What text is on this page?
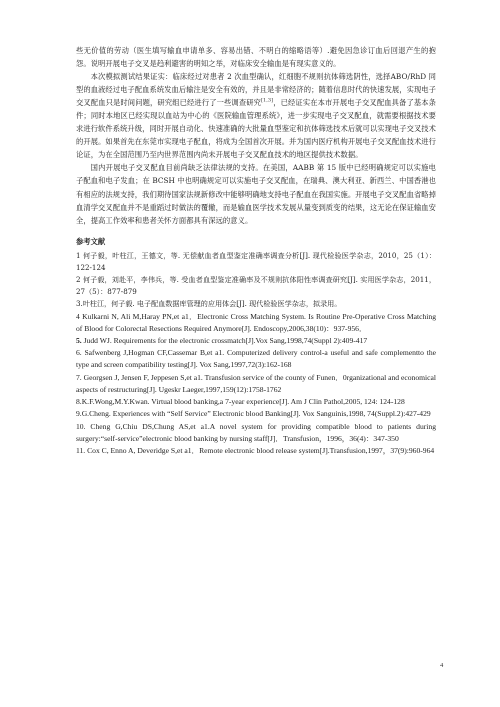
些无价值的劳动（医生填写输血申请单多、容易出错、不明白的缩略语等）.避免因急诊订血后回退产生的抱怨。说明开展电子交叉是趋利避害的明知之举，对临床安全输血是有现实意义的。

本次模拟测试结果证实：临床经过对患者 2 次血型确认，红细胞不规则抗体筛选阴性，选择ABO/RhD 同型的血液经过电子配血系统发血后输注是安全有效的，并且是非常经济的；随着信息时代的快速发展，实现电子交叉配血只是时间问题，研究组已经进行了一些调查研究[1,3]，已经证实在本市开展电子交叉配血具备了基本条件；同时本地区已经实现以血站为中心的《医院输血管理系统》，进一步实现电子交叉配血，就需要根据技术要求进行软件系统升级，同时开展自动化、快速准确的大批量血型鉴定和抗体筛选技术后就可以实现电子交叉技术的开展。如果首先在东莞市实现电子配血，将成为全国首次开展。并为国内医疗机构开展电子交叉配血技术进行论证，为在全国范围乃至内世界范围内尚未开展电子交叉配血技术的地区提供技术数据。

国内开展电子交叉配血目前尚缺乏法律法规的支持。在美国，AABB 第 15 版中已经明确规定可以实施电子配血和电子发血；在 BCSH 中也明确规定可以实施电子交叉配血，在瑞典、澳大利亚、新西兰、中国香港也有相应的法规支持，我们期待国家法规新修改中能够明确地支持电子配血在我国实施。开展电子交叉配血省略掉血清学交叉配血并不是重蹈过时做法的覆辙，而是输血医学技术发展从量变到质变的结果，这无论在保证输血安全，提高工作效率和患者关怀方面都具有深远的意义。

参考文献

1 何子毅，叶柱江，王德文，等. 无偿献血者血型鉴定准确率调查分析[J]. 现代检验医学杂志，2010，25（1）：122-124

2 何子毅，刘赴平，李伟兵，等. 受血者血型鉴定准确率及不规则抗体阳性率调查研究[J]. 实用医学杂志，2011，27（5）：877-879

3.叶柱江，何子毅. 电子配血数据库管理的应用体会[J]. 现代检验医学杂志，拟录用。

4 Kulkarni N, Ali M,Haray PN,et a1．Electronic Cross Matching System. Is Routine Pre-Operative Cross Matching of Blood for Colorectal Resections Required Anymore[J]. Endoscopy,2006,38(10)：937-956．

5. Judd WJ. Requirements for the electronic crossmatch[J].Vox Sang,1998,74(Suppl 2):409-417

6. Safwenberg J,Hogman CF,Cassemar B,et a1. Computerized delivery control-a useful and safe complementto the type and screen compatibility testing[J]. Vox Sang,1997,72(3):162-168

7. Georgsen J, Jensen F, Jeppesen S,et a1. Transfusion service of the county of Funen．0rganizational and economical aspects of restructuring[J]. Ugeskr Laeger,1997,159(12):1758-1762

8.K.F.Wong,M.Y.Kwan. Virtual blood banking,a 7-year experience[J]. Am J Clin Pathol,2005, 124: 124-128

9.G.Cheng. Experiences with “Self Service” Electronic blood Banking[J]. Vox Sanguinis,1998, 74(Suppl.2):427-429

10. Cheng G,Chiu DS,Chung AS,et a1.A novel system for providing compatible blood to patients during surgery:“self-service”electronic blood banking by nursing staff[J]．Transfusion，1996，36(4)：347-350

11. Cox C, Enno A, Deveridge S,et a1．Remote electronic blood release system[J].Transfusion,1997，37(9):960-964

4
